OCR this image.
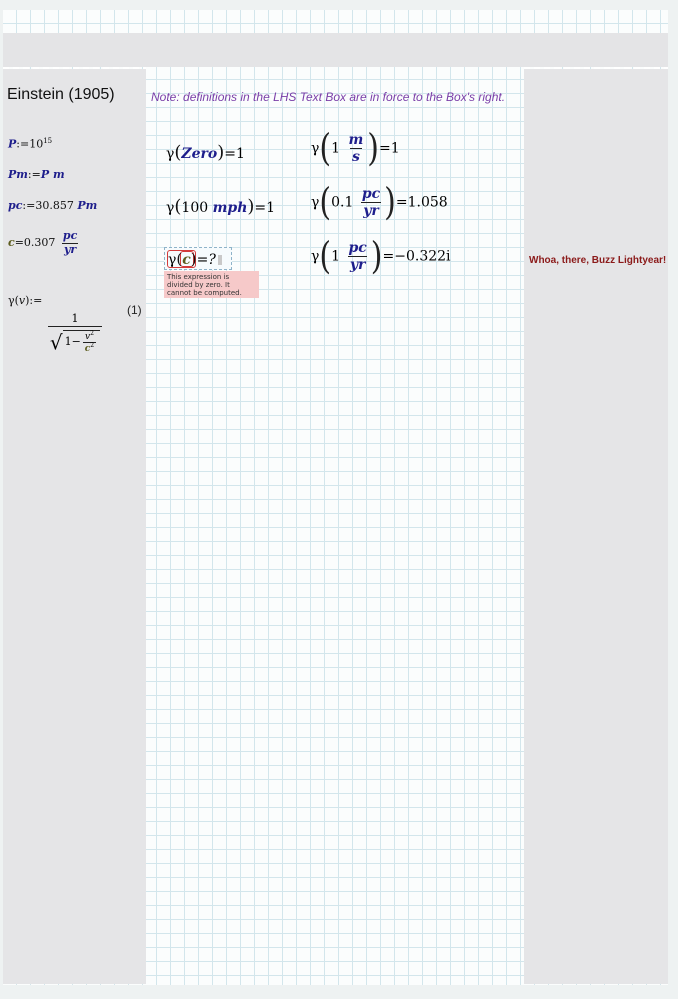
Einstein (1905)	Note: definitions in the LHS Text Box are in force to the Box's right.
$P:=10^{15}$
Pm:=P m
pc:=30.857 Pm
$c=0.307 \frac{pc}{yr}$
γ(v):=
$\frac{1}{√ 1 - \frac{v^2}{c^2}}$
(1)
γ(Zero)=1
γ(100 mph)=1
γ(c)=?
This expression is divided by zero. It cannot be computed.
$\gamma(1 \frac{m}{s} )=1$
$\gamma(0.1 \frac{pc}{yr} )=1.058$
$\gamma(1 \frac{pc}{yr} )=-0.322i$	Whoa, there, Buzz Lightyear!
